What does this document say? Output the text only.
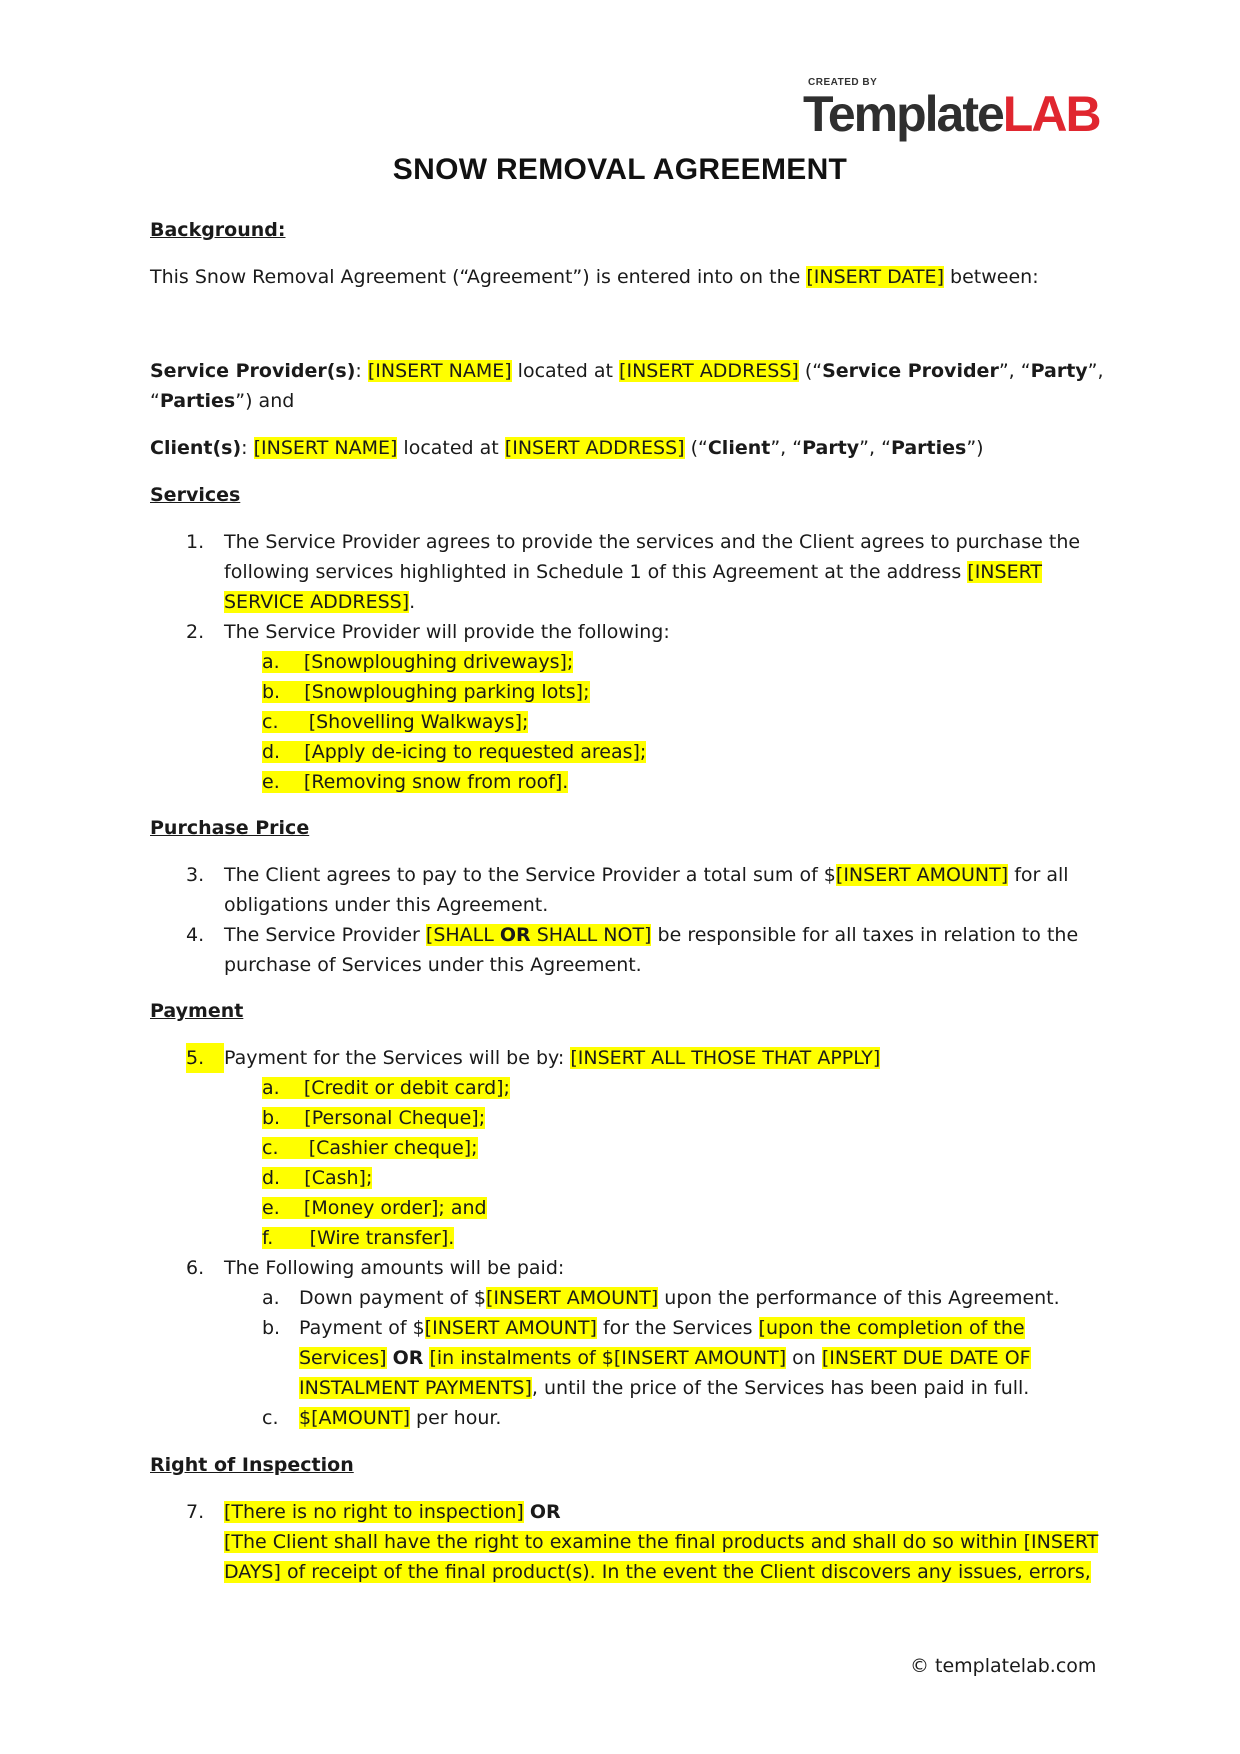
CREATED BY
TemplateLAB
SNOW REMOVAL AGREEMENT
Background:
This Snow Removal Agreement (“Agreement”) is entered into on the [INSERT DATE] between:
Service Provider(s): [INSERT NAME] located at [INSERT ADDRESS] (“Service Provider”, “Party”,
“Parties”) and
Client(s): [INSERT NAME] located at [INSERT ADDRESS] (“Client”, “Party”, “Parties”)
Services
1. The Service Provider agrees to provide the services and the Client agrees to purchase the
following services highlighted in Schedule 1 of this Agreement at the address [INSERT
SERVICE ADDRESS].
2. The Service Provider will provide the following:
a. [Snowploughing driveways];
b. [Snowploughing parking lots];
c. [Shovelling Walkways];
d. [Apply de-icing to requested areas];
e. [Removing snow from roof].
Purchase Price
3. The Client agrees to pay to the Service Provider a total sum of $[INSERT AMOUNT] for all
obligations under this Agreement.
4. The Service Provider [SHALL OR SHALL NOT] be responsible for all taxes in relation to the
purchase of Services under this Agreement.
Payment
5.	Payment for the Services will be by: [INSERT ALL THOSE THAT APPLY]
a. [Credit or debit card];
b. [Personal Cheque];
c. [Cashier cheque];
d. [Cash];
e. [Money order]; and
f. [Wire transfer].
6. The Following amounts will be paid:
a. Down payment of $[INSERT AMOUNT] upon the performance of this Agreement.
b. Payment of $[INSERT AMOUNT] for the Services [upon the completion of the
Services] OR [in instalments of $[INSERT AMOUNT] on [INSERT DUE DATE OF
INSTALMENT PAYMENTS], until the price of the Services has been paid in full.
c. $[AMOUNT] per hour.
Right of Inspection
7. [There is no right to inspection] OR
[The Client shall have the right to examine the final products and shall do so within [INSERT
DAYS] of receipt of the final product(s). In the event the Client discovers any issues, errors,
© templatelab.com
